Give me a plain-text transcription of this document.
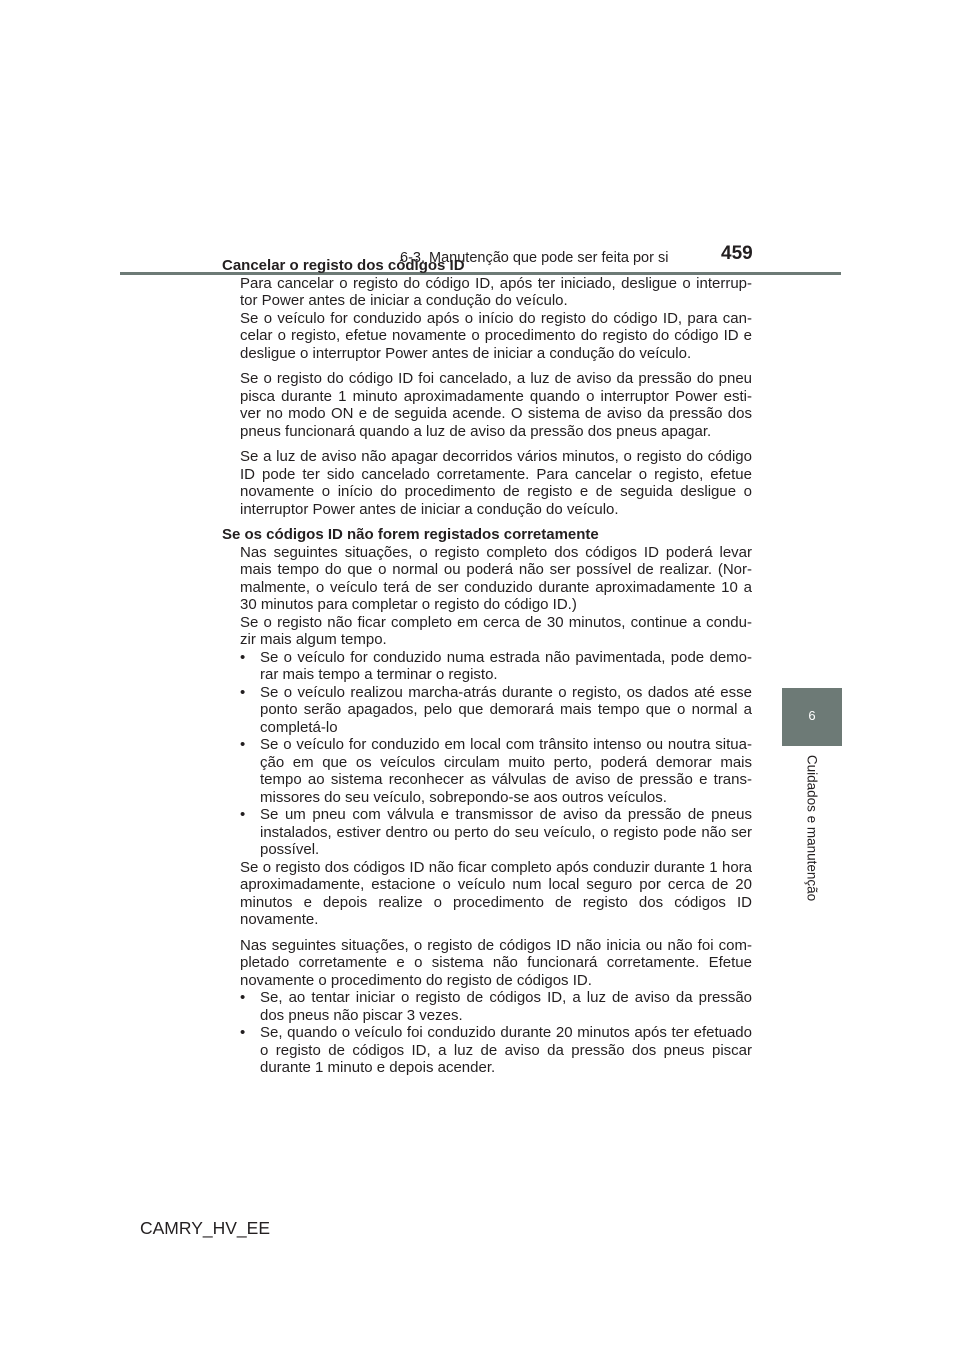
6-3. Manutenção que pode ser feita por si	459
6
Cuidados e manutenção

Cancelar o registo dos códigos ID

Para cancelar o registo do código ID, após ter iniciado, desligue o interrup-tor Power antes de iniciar a condução do veículo.

Se o veículo for conduzido após o início do registo do código ID, para can-celar o registo, efetue novamente o procedimento do registo do código ID e desligue o interruptor Power antes de iniciar a condução do veículo.

Se o registo do código ID foi cancelado, a luz de aviso da pressão do pneu pisca durante 1 minuto aproximadamente quando o interruptor Power esti-ver no modo ON e de seguida acende. O sistema de aviso da pressão dos pneus funcionará quando a luz de aviso da pressão dos pneus apagar.

Se a luz de aviso não apagar decorridos vários minutos, o registo do código ID pode ter sido cancelado corretamente. Para cancelar o registo, efetue novamente o início do procedimento de registo e de seguida desligue o interruptor Power antes de iniciar a condução do veículo.

Se os códigos ID não forem registados corretamente

Nas seguintes situações, o registo completo dos códigos ID poderá levar mais tempo do que o normal ou poderá não ser possível de realizar. (Nor-malmente, o veículo terá de ser conduzido durante aproximadamente 10 a 30 minutos para completar o registo do código ID.)

Se o registo não ficar completo em cerca de 30 minutos, continue a condu-zir mais algum tempo.

• Se o veículo for conduzido numa estrada não pavimentada, pode demo-rar mais tempo a terminar o registo.
• Se o veículo realizou marcha-atrás durante o registo, os dados até esse ponto serão apagados, pelo que demorará mais tempo que o normal a completá-lo
• Se o veículo for conduzido em local com trânsito intenso ou noutra situa-ção em que os veículos circulam muito perto, poderá demorar mais tempo ao sistema reconhecer as válvulas de aviso de pressão e trans-missores do seu veículo, sobrepondo-se aos outros veículos.
• Se um pneu com válvula e transmissor de aviso da pressão de pneus instalados, estiver dentro ou perto do seu veículo, o registo pode não ser possível.

Se o registo dos códigos ID não ficar completo após conduzir durante 1 hora aproximadamente, estacione o veículo num local seguro por cerca de 20 minutos e depois realize o procedimento de registo dos códigos ID novamente.

Nas seguintes situações, o registo de códigos ID não inicia ou não foi com-pletado corretamente e o sistema não funcionará corretamente. Efetue novamente o procedimento do registo de códigos ID.

• Se, ao tentar iniciar o registo de códigos ID, a luz de aviso da pressão dos pneus não piscar 3 vezes.
• Se, quando o veículo foi conduzido durante 20 minutos após ter efetuado o registo de códigos ID, a luz de aviso da pressão dos pneus piscar durante 1 minuto e depois acender.
CAMRY_HV_EE
